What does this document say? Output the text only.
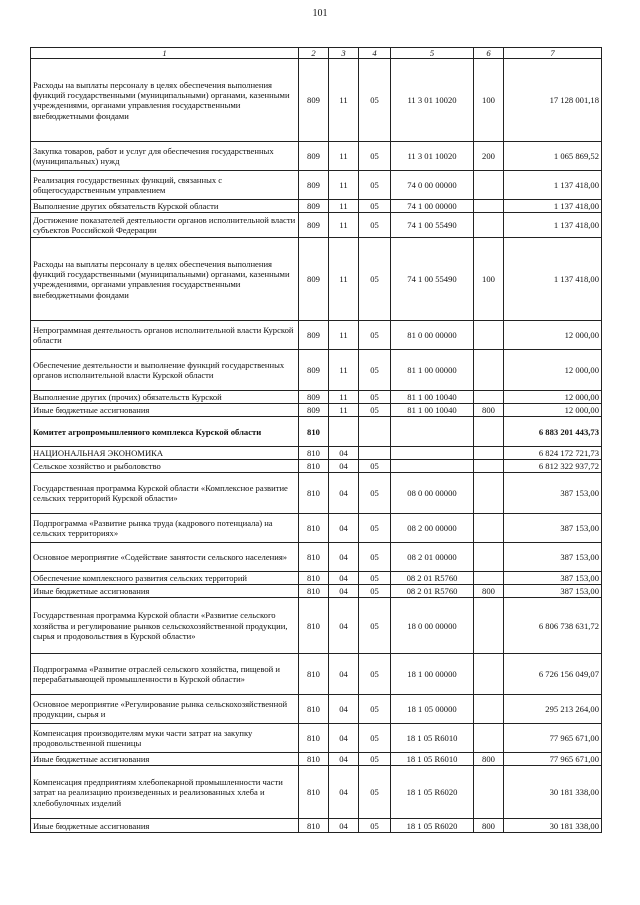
101
1	2	3	4	5	6	7
Расходы на выплаты персоналу в целях обеспечения выполнения функций государственными (муниципальными) органами, казенными учреждениями, органами управления государственными внебюджетными фондами	809	11	05	11 3 01 10020	100	17 128 001,18
Закупка товаров, работ и услуг для обеспечения государственных (муниципальных) нужд	809	11	05	11 3 01 10020	200	1 065 869,52
Реализация государственных функций, связанных с общегосударственным управлением	809	11	05	74 0 00 00000		1 137 418,00
Выполнение других обязательств Курской области	809	11	05	74 1 00 00000		1 137 418,00
Достижение показателей деятельности органов исполнительной власти субъектов Российской Федерации	809	11	05	74 1 00 55490		1 137 418,00
Расходы на выплаты персоналу в целях обеспечения выполнения функций государственными (муниципальными) органами, казенными учреждениями, органами управления государственными внебюджетными фондами	809	11	05	74 1 00 55490	100	1 137 418,00
Непрограммная деятельность органов исполнительной власти Курской области	809	11	05	81 0 00 00000		12 000,00
Обеспечение деятельности и выполнение функций государственных органов исполнительной власти Курской области	809	11	05	81 1 00 00000		12 000,00
Выполнение других (прочих) обязательств Курской	809	11	05	81 1 00 10040		12 000,00
Иные бюджетные ассигнования	809	11	05	81 1 00 10040	800	12 000,00
Комитет агропромышленного комплекса Курской области	810					6 883 201 443,73
НАЦИОНАЛЬНАЯ ЭКОНОМИКА	810	04				6 824 172 721,73
Сельское хозяйство и рыболовство	810	04	05			6 812 322 937,72
Государственная программа Курской области «Комплексное развитие сельских территорий Курской области»	810	04	05	08 0 00 00000		387 153,00
Подпрограмма «Развитие рынка труда (кадрового потенциала) на сельских территориях»	810	04	05	08 2 00 00000		387 153,00
Основное мероприятие «Содействие занятости сельского населения»	810	04	05	08 2 01 00000		387 153,00
Обеспечение комплексного развития сельских территорий	810	04	05	08 2 01 R5760		387 153,00
Иные бюджетные ассигнования	810	04	05	08 2 01 R5760	800	387 153,00
Государственная программа Курской области «Развитие сельского хозяйства и регулирование рынков сельскохозяйственной продукции, сырья и продовольствия в Курской области»	810	04	05	18 0 00 00000		6 806 738 631,72
Подпрограмма «Развитие отраслей сельского хозяйства, пищевой и перерабатывающей промышленности в Курской области»	810	04	05	18 1 00 00000		6 726 156 049,07
Основное мероприятие «Регулирование рынка сельскохозяйственной продукции, сырья и	810	04	05	18 1 05 00000		295 213 264,00
Компенсация производителям муки части затрат на закупку продовольственной пшеницы	810	04	05	18 1 05 R6010		77 965 671,00
Иные бюджетные ассигнования	810	04	05	18 1 05 R6010	800	77 965 671,00
Компенсация предприятиям хлебопекарной промышленности части затрат на реализацию произведенных и реализованных хлеба и хлебобулочных изделий	810	04	05	18 1 05 R6020		30 181 338,00
Иные бюджетные ассигнования	810	04	05	18 1 05 R6020	800	30 181 338,00
